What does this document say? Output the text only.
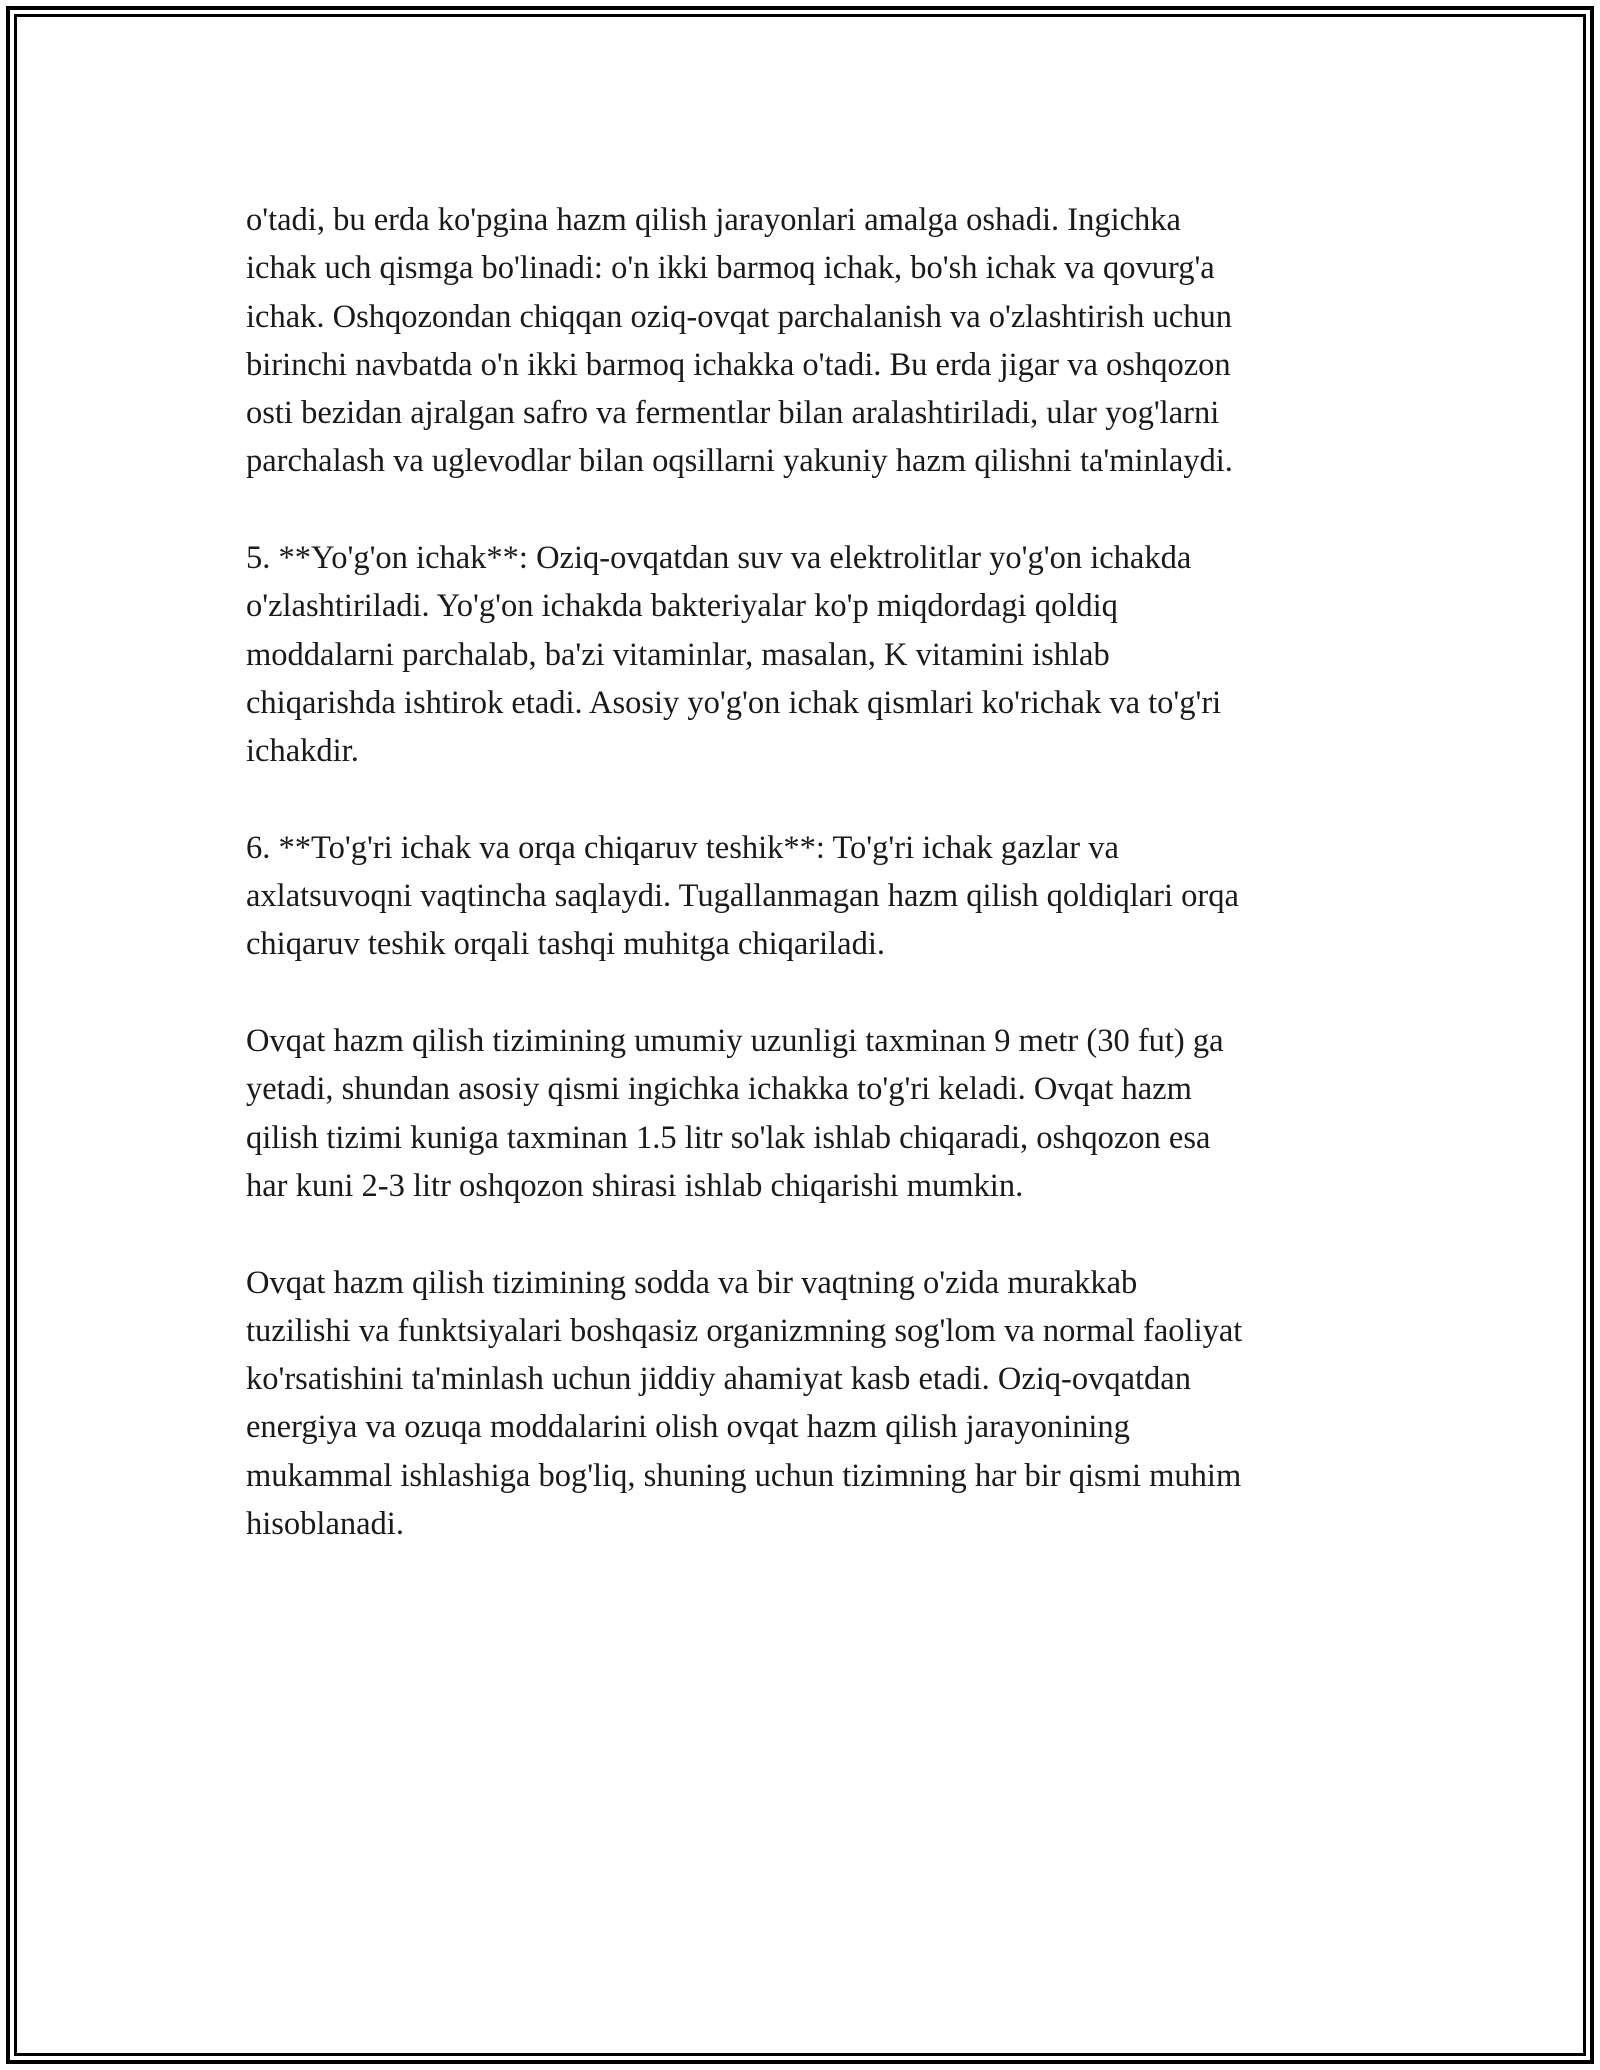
o'tadi, bu erda ko'pgina hazm qilish jarayonlari amalga oshadi. Ingichka
ichak uch qismga bo'linadi: o'n ikki barmoq ichak, bo'sh ichak va qovurg'a
ichak. Oshqozondan chiqqan oziq-ovqat parchalanish va o'zlashtirish uchun
birinchi navbatda o'n ikki barmoq ichakka o'tadi. Bu erda jigar va oshqozon
osti bezidan ajralgan safro va fermentlar bilan aralashtiriladi, ular yog'larni
parchalash va uglevodlar bilan oqsillarni yakuniy hazm qilishni ta'minlaydi.

5. **Yo'g'on ichak**: Oziq-ovqatdan suv va elektrolitlar yo'g'on ichakda
o'zlashtiriladi. Yo'g'on ichakda bakteriyalar ko'p miqdordagi qoldiq
moddalarni parchalab, ba'zi vitaminlar, masalan, K vitamini ishlab
chiqarishda ishtirok etadi. Asosiy yo'g'on ichak qismlari ko'richak va to'g'ri
ichakdir.

6. **To'g'ri ichak va orqa chiqaruv teshik**: To'g'ri ichak gazlar va
axlatsuvoqni vaqtincha saqlaydi. Tugallanmagan hazm qilish qoldiqlari orqa
chiqaruv teshik orqali tashqi muhitga chiqariladi.

Ovqat hazm qilish tizimining umumiy uzunligi taxminan 9 metr (30 fut) ga
yetadi, shundan asosiy qismi ingichka ichakka to'g'ri keladi. Ovqat hazm
qilish tizimi kuniga taxminan 1.5 litr so'lak ishlab chiqaradi, oshqozon esa
har kuni 2-3 litr oshqozon shirasi ishlab chiqarishi mumkin.

Ovqat hazm qilish tizimining sodda va bir vaqtning o'zida murakkab
tuzilishi va funktsiyalari boshqasiz organizmning sog'lom va normal faoliyat
ko'rsatishini ta'minlash uchun jiddiy ahamiyat kasb etadi. Oziq-ovqatdan
energiya va ozuqa moddalarini olish ovqat hazm qilish jarayonining
mukammal ishlashiga bog'liq, shuning uchun tizimning har bir qismi muhim
hisoblanadi.
